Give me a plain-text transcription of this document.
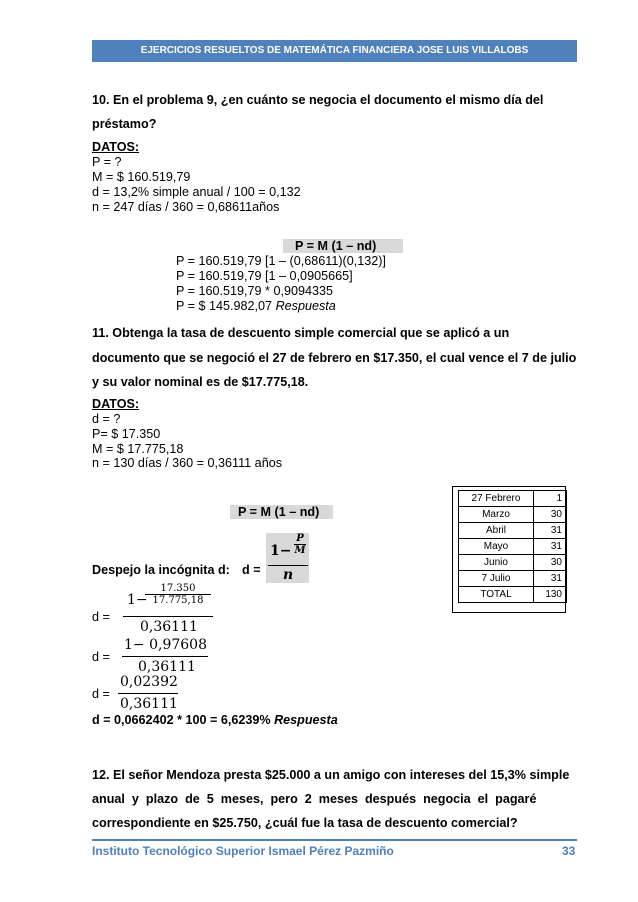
EJERCICIOS RESUELTOS DE MATEMÁTICA FINANCIERA JOSE LUIS VILLALOBS
10. En el problema 9, ¿en cuánto se negocia el documento el mismo día del
préstamo?
DATOS:
P = ?
M = $ 160.519,79
d = 13,2% simple anual / 100 = 0,132
n = 247 días / 360 = 0,68611años
P = M (1 – nd)
P = 160.519,79 [1 – (0,68611)(0,132)]
P = 160.519,79 [1 – 0,0905665]
P = 160.519,79 * 0,9094335
P = $ 145.982,07 Respuesta
11. Obtenga la tasa de descuento simple comercial que se aplicó a un
documento que se negoció el 27 de febrero en $17.350, el cual vence el 7 de julio
y su valor nominal es de $17.775,18.
DATOS:
d = ?
P= $ 17.350
M = $ 17.775,18
n = 130 días / 360 = 0,36111 años
P = M (1 – nd)
Despejo la incógnita d: d =
1−
P
M
n
d =
1−
17.350
17.775,18
0,36111
d =
1− 0,97608
0,36111
d =
0,02392
0,36111
d = 0,0662402 * 100 = 6,6239% Respuesta
27 Febrero	1
Marzo	30
Abril	31
Mayo	31
Junio	30
7 Julio	31
TOTAL	130
12. El señor Mendoza presta $25.000 a un amigo con intereses del 15,3% simple
anual  y  plazo  de  5  meses,  pero  2  meses  después  negocia  el  pagaré
correspondiente en $25.750, ¿cuál fue la tasa de descuento comercial?
Instituto Tecnológico Superior Ismael Pérez Pazmiño	33
